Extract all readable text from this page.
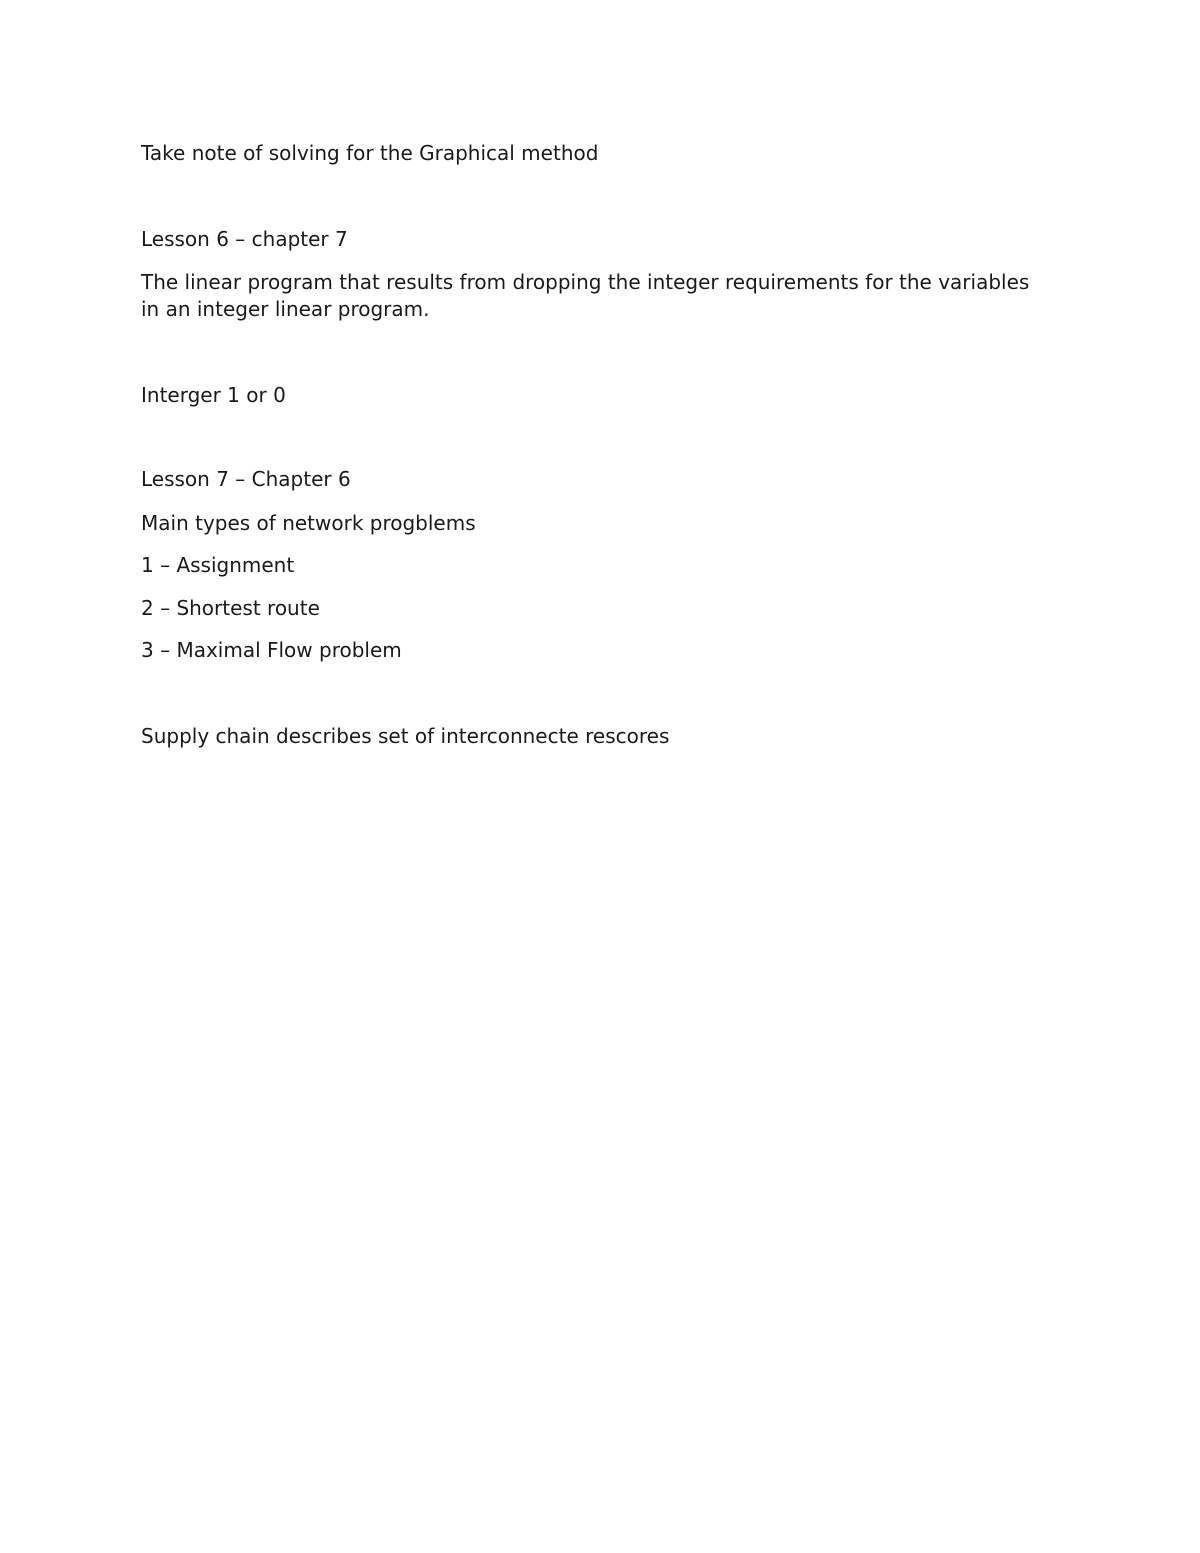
Take note of solving for the Graphical method

Lesson 6 – chapter 7

The linear program that results from dropping the integer requirements for the variables in an integer linear program.

Interger 1 or 0

Lesson 7 – Chapter 6

Main types of network progblems

1 – Assignment

2 – Shortest route

3 – Maximal Flow problem

Supply chain describes set of interconnecte rescores
